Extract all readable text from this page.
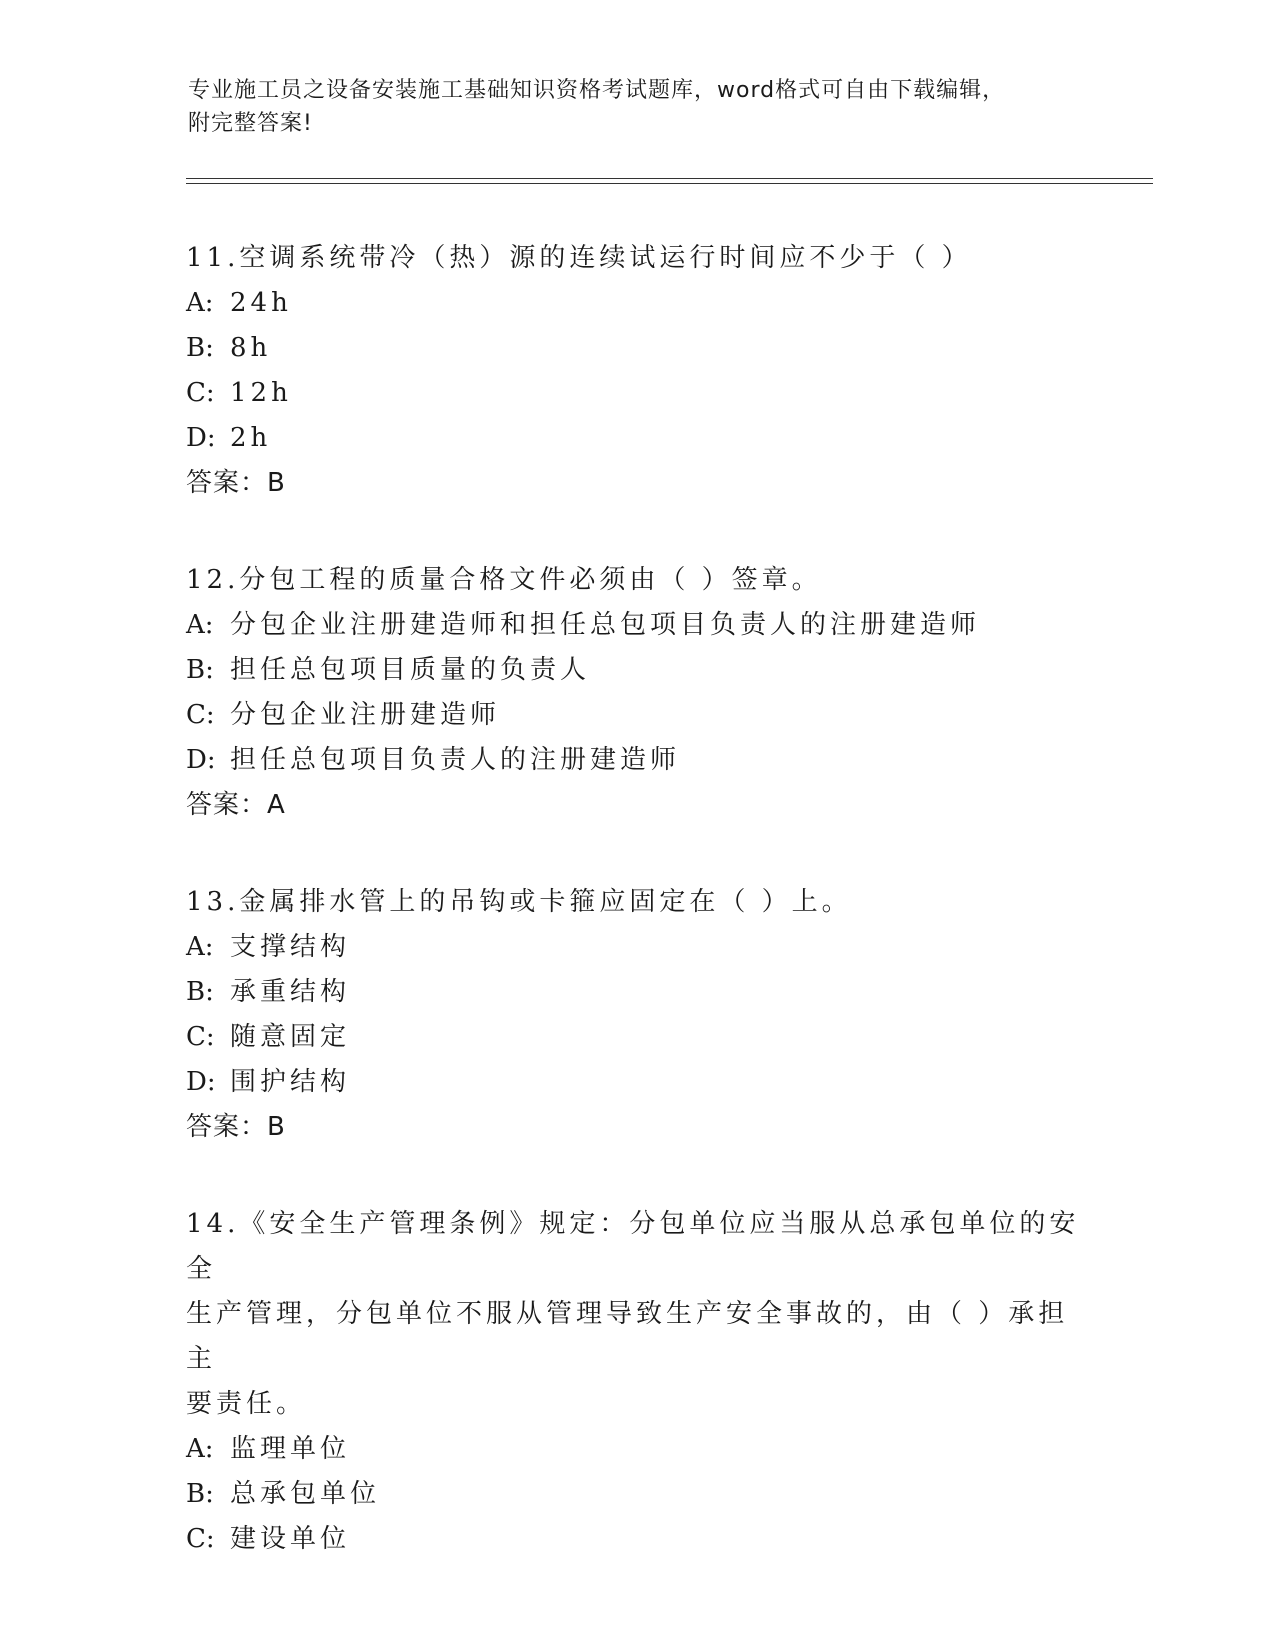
专业施工员之设备安装施工基础知识资格考试题库，word格式可自由下载编辑，
附完整答案!

11.空调系统带冷（热）源的连续试运行时间应不少于（ ）

A: 24h
B: 8h
C: 12h
D: 2h
答案：B

12.分包工程的质量合格文件必须由（ ）签章。

A: 分包企业注册建造师和担任总包项目负责人的注册建造师
B: 担任总包项目质量的负责人
C: 分包企业注册建造师
D: 担任总包项目负责人的注册建造师
答案：A

13.金属排水管上的吊钩或卡箍应固定在（ ）上。

A: 支撑结构
B: 承重结构
C: 随意固定
D: 围护结构
答案：B
14.《安全生产管理条例》规定：分包单位应当服从总承包单位的安全
生产管理，分包单位不服从管理导致生产安全事故的，由（ ）承担主
要责任。
A: 监理单位
B: 总承包单位
C: 建设单位
